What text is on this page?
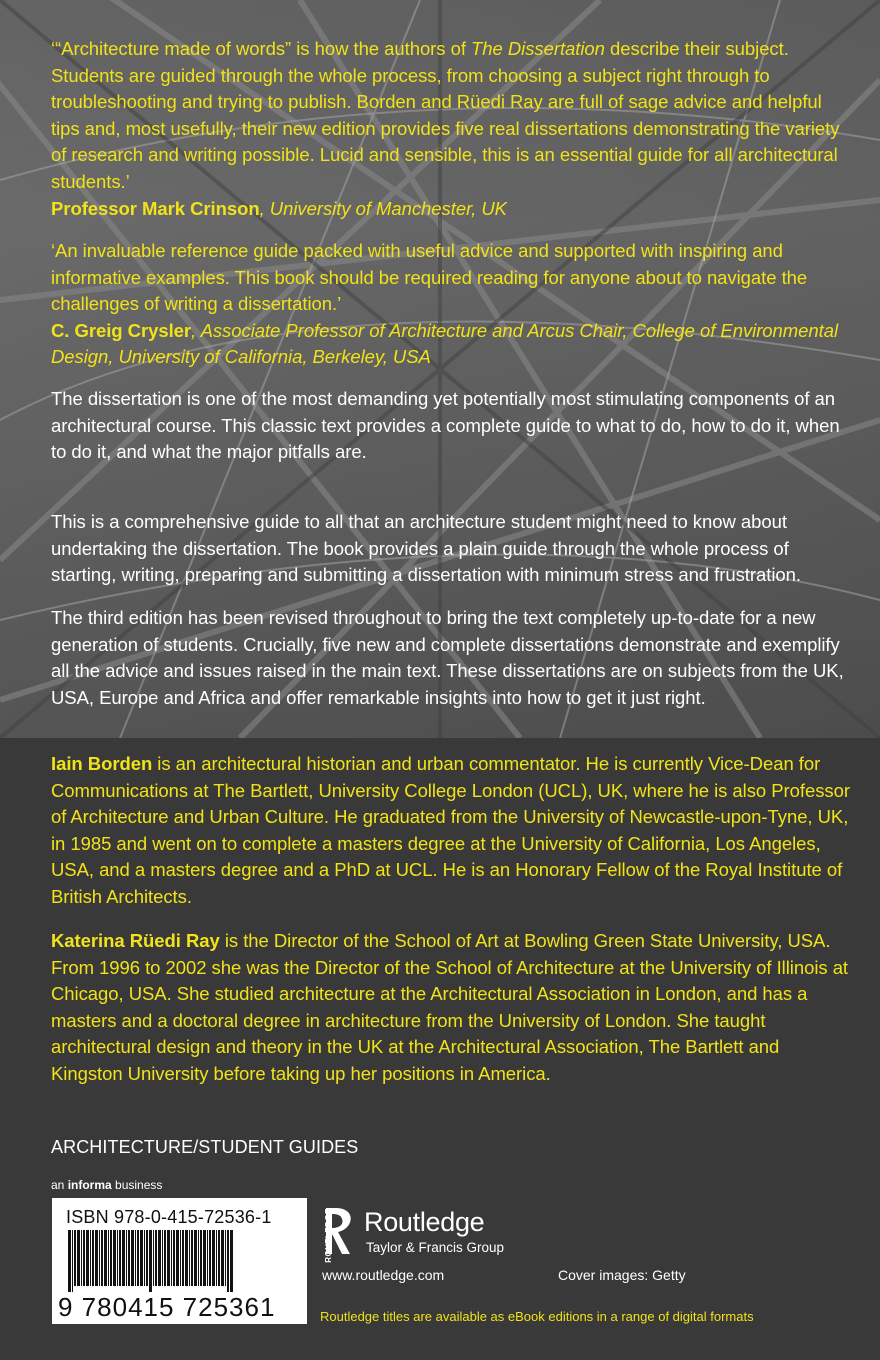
‘“Architecture made of words” is how the authors of The Dissertation describe their subject. Students are guided through the whole process, from choosing a subject right through to troubleshooting and trying to publish. Borden and Rüedi Ray are full of sage advice and helpful tips and, most usefully, their new edition provides five real dissertations demonstrating the variety of research and writing possible. Lucid and sensible, this is an essential guide for all architectural students.’

Professor Mark Crinson, University of Manchester, UK

‘An invaluable reference guide packed with useful advice and supported with inspiring and informative examples. This book should be required reading for anyone about to navigate the challenges of writing a dissertation.’

C. Greig Crysler, Associate Professor of Architecture and Arcus Chair, College of Environmental Design, University of California, Berkeley, USA

The dissertation is one of the most demanding yet potentially most stimulating components of an architectural course. This classic text provides a complete guide to what to do, how to do it, when to do it, and what the major pitfalls are.
This is a comprehensive guide to all that an architecture student might need to know about undertaking the dissertation. The book provides a plain guide through the whole process of starting, writing, preparing and submitting a dissertation with minimum stress and frustration.
The third edition has been revised throughout to bring the text completely up-to-date for a new generation of students. Crucially, five new and complete dissertations demonstrate and exemplify all the advice and issues raised in the main text. These dissertations are on subjects from the UK, USA, Europe and Africa and offer remarkable insights into how to get it just right.
Iain Borden is an architectural historian and urban commentator. He is currently Vice-Dean for Communications at The Bartlett, University College London (UCL), UK, where he is also Professor of Architecture and Urban Culture. He graduated from the University of Newcastle-upon-Tyne, UK, in 1985 and went on to complete a masters degree at the University of California, Los Angeles, USA, and a masters degree and a PhD at UCL. He is an Honorary Fellow of the Royal Institute of British Architects.
Katerina Rüedi Ray is the Director of the School of Art at Bowling Green State University, USA. From 1996 to 2002 she was the Director of the School of Architecture at the University of Illinois at Chicago, USA. She studied architecture at the Architectural Association in London, and has a masters and a doctoral degree in architecture from the University of London. She taught architectural design and theory in the UK at the Architectural Association, The Bartlett and Kingston University before taking up her positions in America.
ARCHITECTURE/STUDENT GUIDES
an informa business
ISBN 978-0-415-72536-1
9 780415 725361
ROUTLEDGE Routledge
Taylor & Francis Group
www.routledge.com	Cover images: Getty
Routledge titles are available as eBook editions in a range of digital formats
